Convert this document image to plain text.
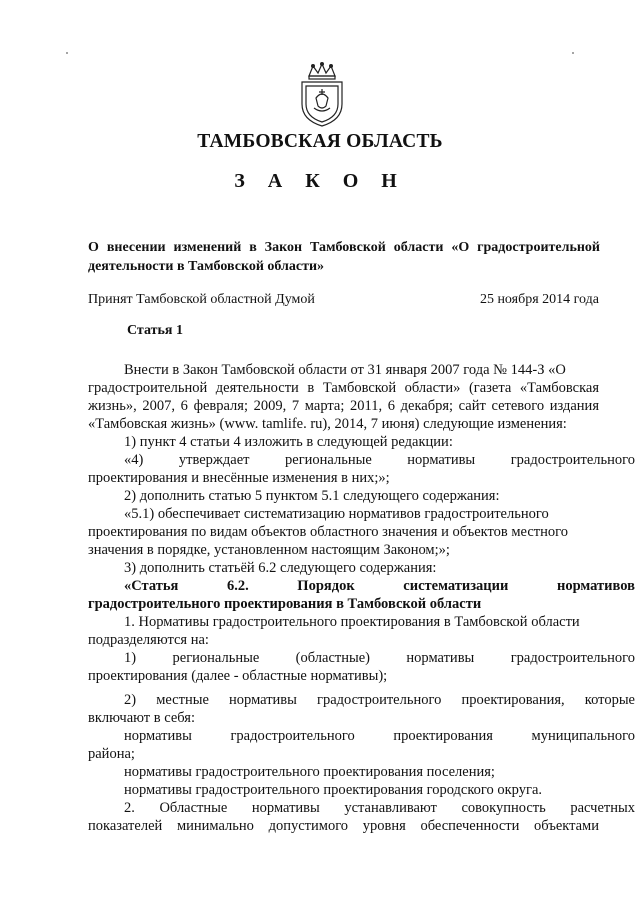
ТАМБОВСКАЯ ОБЛАСТЬ
З А К О Н
О внесении изменений в Закон Тамбовской области «О градостроительной деятельности в Тамбовской области»
Принят Тамбовской областной Думой	25 ноября 2014 года
Статья 1
Внести в Закон Тамбовской области от 31 января 2007 года № 144-З «О
градостроительной деятельности в Тамбовской области» (газета «Тамбовская
жизнь», 2007, 6 февраля; 2009, 7 марта; 2011, 6 декабря; сайт сетевого издания
«Тамбовская жизнь» (www. tamlife. ru), 2014, 7 июня) следующие изменения:
1) пункт 4 статьи 4 изложить в следующей редакции:
«4) утверждает региональные нормативы градостроительного
проектирования и внесённые изменения в них;»;
2) дополнить статью 5 пунктом 5.1 следующего содержания:
«5.1) обеспечивает систематизацию нормативов градостроительного
проектирования по видам объектов областного значения и объектов местного
значения в порядке, установленном настоящим Законом;»;
3) дополнить статьёй 6.2 следующего содержания:
«Статья 6.2. Порядок систематизации нормативов
градостроительного проектирования в Тамбовской области
1. Нормативы градостроительного проектирования в Тамбовской области
подразделяются на:
1) региональные (областные) нормативы градостроительного
проектирования (далее - областные нормативы);
2) местные нормативы градостроительного проектирования, которые
включают в себя:
нормативы градостроительного проектирования муниципального
района;
нормативы градостроительного проектирования поселения;
нормативы градостроительного проектирования городского округа.
2. Областные нормативы устанавливают совокупность расчетных
показателей минимально допустимого уровня обеспеченности объектами
